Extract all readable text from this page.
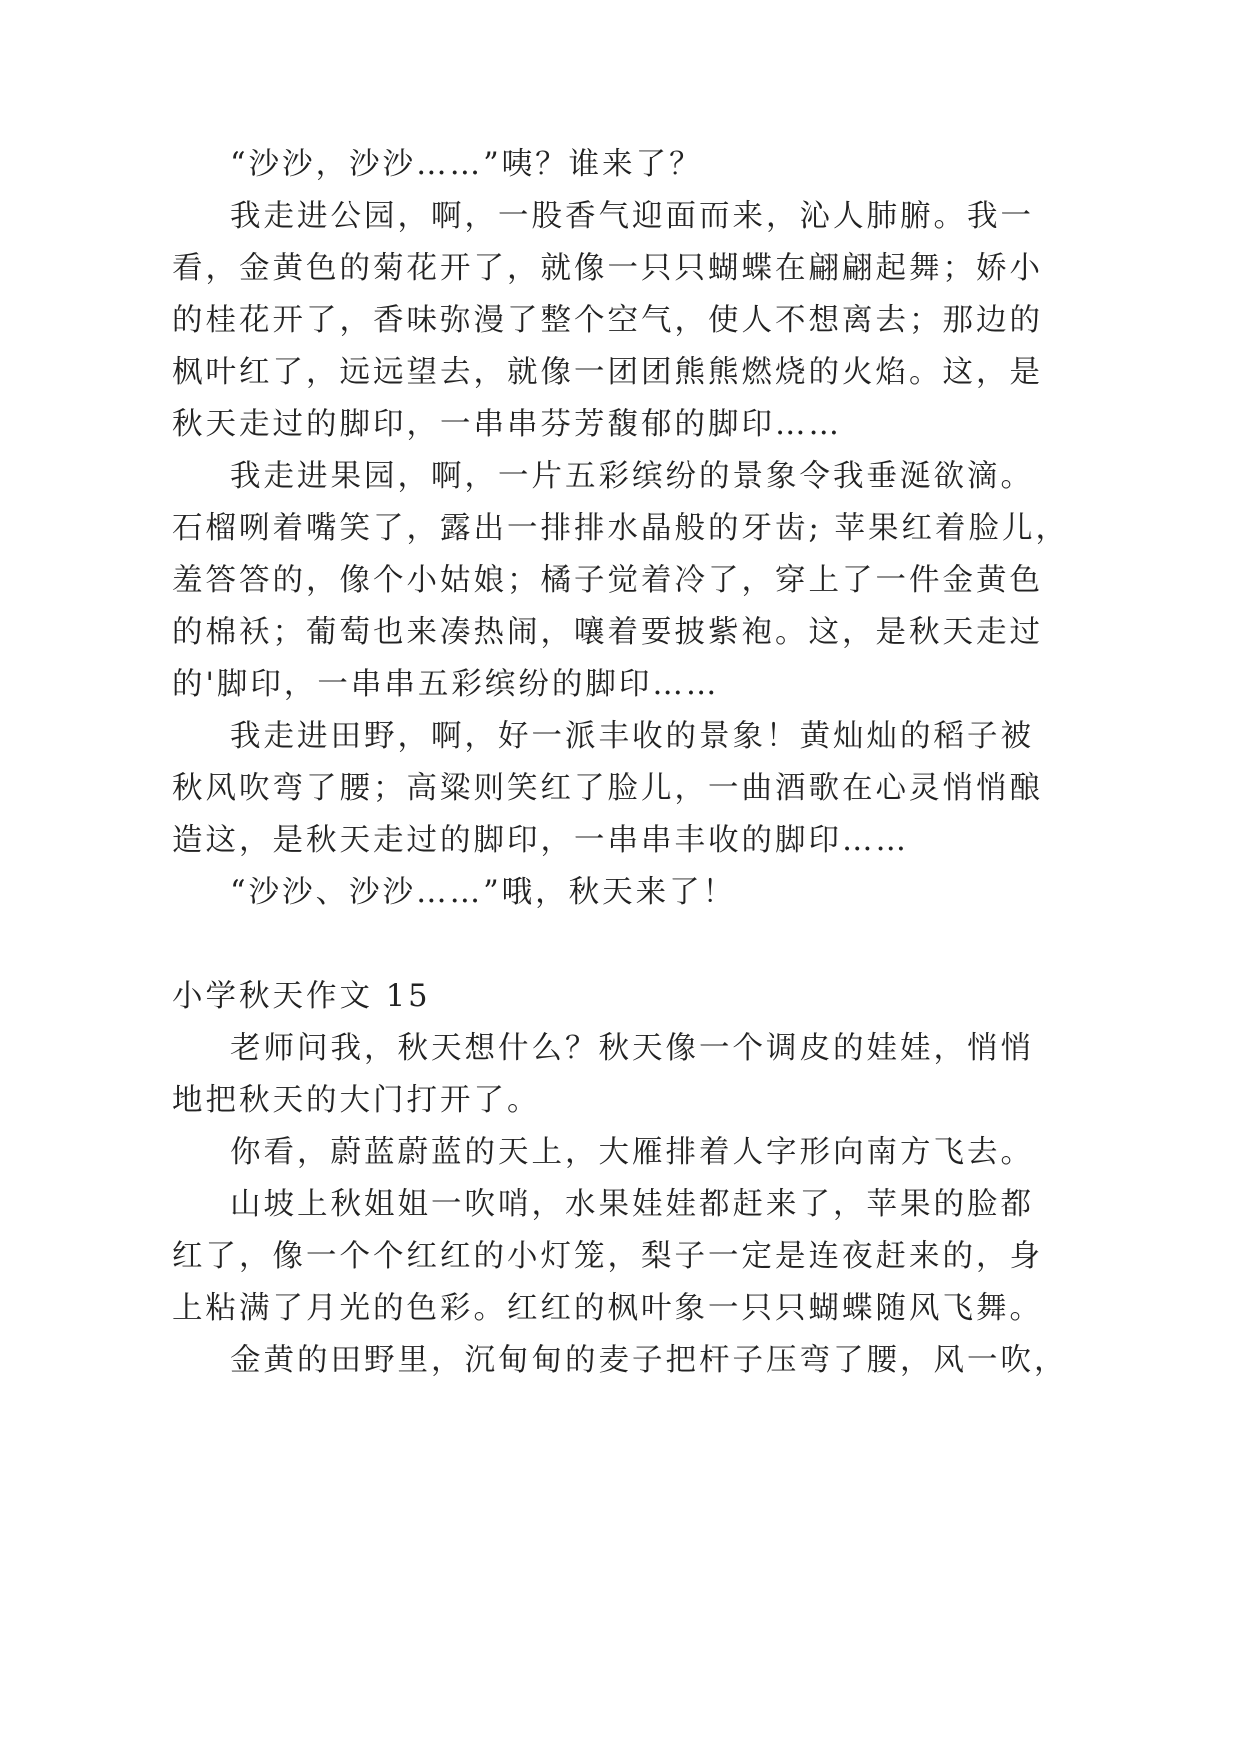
“沙沙，沙沙……”咦？谁来了？
我走进公园，啊，一股香气迎面而来，沁人肺腑。我一
看，金黄色的菊花开了，就像一只只蝴蝶在翩翩起舞；娇小
的桂花开了，香味弥漫了整个空气，使人不想离去；那边的
枫叶红了，远远望去，就像一团团熊熊燃烧的火焰。这，是
秋天走过的脚印，一串串芬芳馥郁的脚印……
我走进果园，啊，一片五彩缤纷的景象令我垂涎欲滴。
石榴咧着嘴笑了，露出一排排水晶般的牙齿; 苹果红着脸儿，
羞答答的，像个小姑娘；橘子觉着冷了，穿上了一件金黄色
的棉袄；葡萄也来凑热闹，嚷着要披紫袍。这，是秋天走过
的'脚印，一串串五彩缤纷的脚印……
我走进田野，啊，好一派丰收的景象！黄灿灿的稻子被
秋风吹弯了腰；高粱则笑红了脸儿，一曲酒歌在心灵悄悄酿
造这，是秋天走过的脚印，一串串丰收的脚印……
“沙沙、沙沙……”哦，秋天来了！
小学秋天作文 15
老师问我，秋天想什么？秋天像一个调皮的娃娃，悄悄
地把秋天的大门打开了。
你看，蔚蓝蔚蓝的天上，大雁排着人字形向南方飞去。
山坡上秋姐姐一吹哨，水果娃娃都赶来了，苹果的脸都
红了，像一个个红红的小灯笼，梨子一定是连夜赶来的，身
上粘满了月光的色彩。红红的枫叶象一只只蝴蝶随风飞舞。
金黄的田野里，沉甸甸的麦子把杆子压弯了腰，风一吹，
